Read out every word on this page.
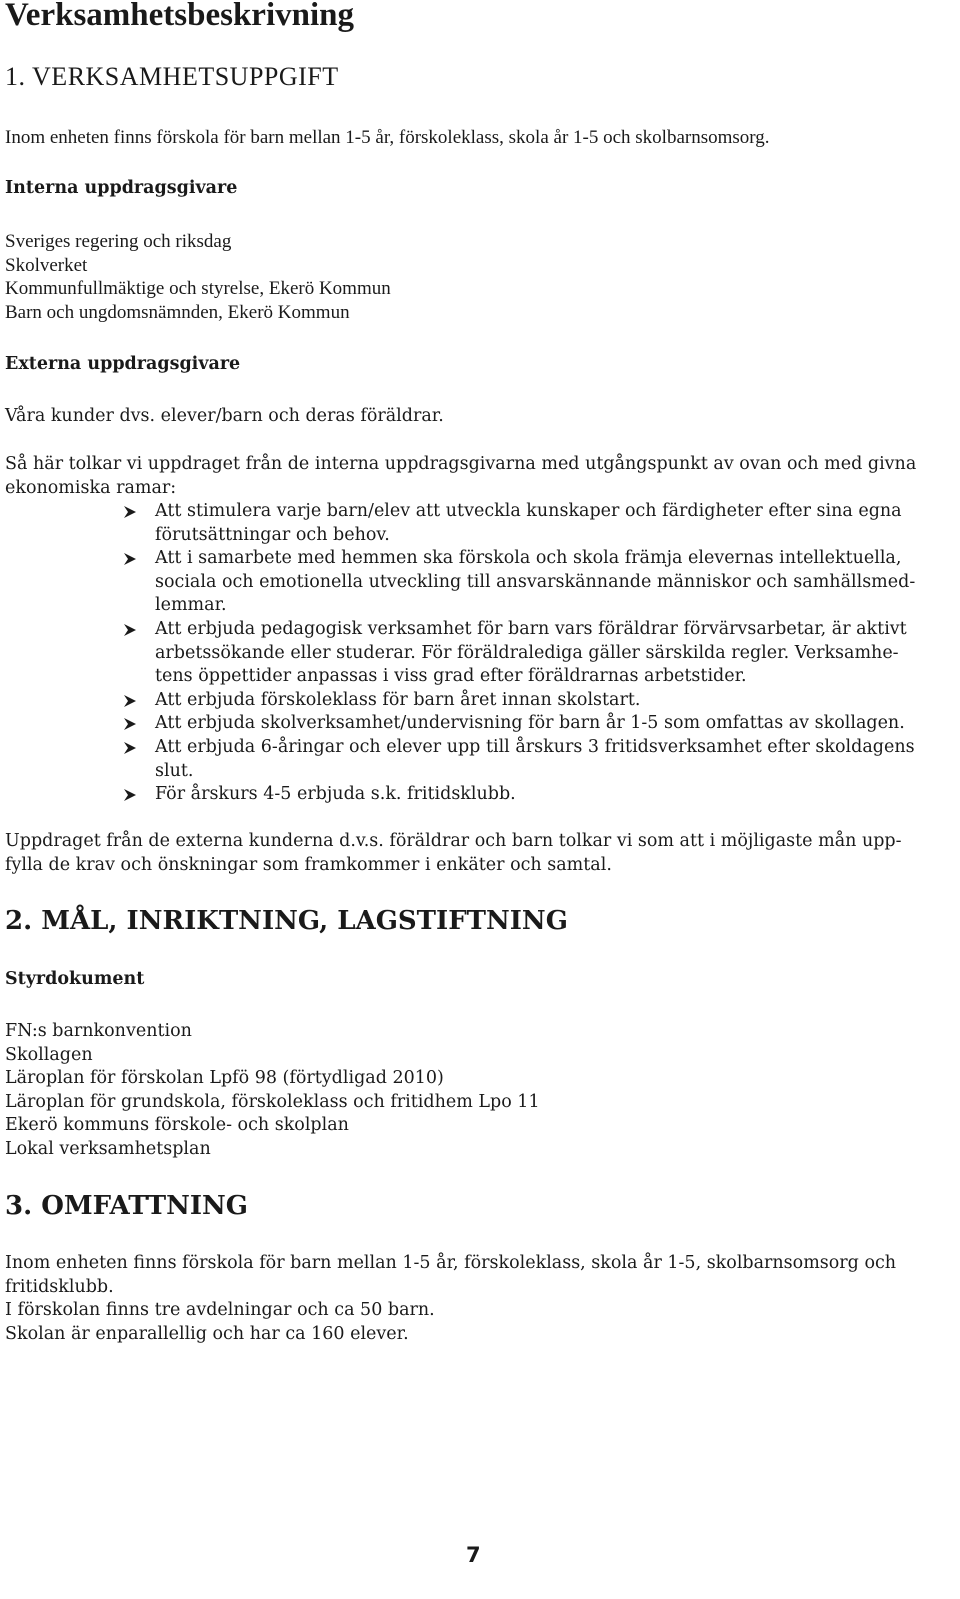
Verksamhetsbeskrivning
1. VERKSAMHETSUPPGIFT

Inom enheten finns förskola för barn mellan 1-5 år, förskoleklass, skola år 1-5 och skolbarnsomsorg.

Interna uppdragsgivare
Sveriges regering och riksdag
Skolverket
Kommunfullmäktige och styrelse, Ekerö Kommun
Barn och ungdomsnämnden, Ekerö Kommun
Externa uppdragsgivare

Våra kunder dvs. elever/barn och deras föräldrar.

Så här tolkar vi uppdraget från de interna uppdragsgivarna med utgångspunkt av ovan och med givna
ekonomiska ramar:
Att stimulera varje barn/elev att utveckla kunskaper och färdigheter efter sina egna
förutsättningar och behov.
Att i samarbete med hemmen ska förskola och skola främja elevernas intellektuella,
sociala och emotionella utveckling till ansvarskännande människor och samhällsmed-
lemmar.
Att erbjuda pedagogisk verksamhet för barn vars föräldrar förvärvsarbetar, är aktivt
arbetssökande eller studerar. För föräldralediga gäller särskilda regler. Verksamhe-
tens öppettider anpassas i viss grad efter föräldrarnas arbetstider.
Att erbjuda förskoleklass för barn året innan skolstart.
Att erbjuda skolverksamhet/undervisning för barn år 1-5 som omfattas av skollagen.
Att erbjuda 6-åringar och elever upp till årskurs 3 fritidsverksamhet efter skoldagens
slut.
För årskurs 4-5 erbjuda s.k. fritidsklubb.
Uppdraget från de externa kunderna d.v.s. föräldrar och barn tolkar vi som att i möjligaste mån upp-
fylla de krav och önskningar som framkommer i enkäter och samtal.
2. MÅL, INRIKTNING, LAGSTIFTNING
Styrdokument
FN:s barnkonvention
Skollagen
Läroplan för förskolan Lpfö 98 (förtydligad 2010)
Läroplan för grundskola, förskoleklass och fritidhem Lpo 11
Ekerö kommuns förskole- och skolplan
Lokal verksamhetsplan
3. OMFATTNING
Inom enheten finns förskola för barn mellan 1-5 år, förskoleklass, skola år 1-5, skolbarnsomsorg och
fritidsklubb.
I förskolan finns tre avdelningar och ca 50 barn.
Skolan är enparallellig och har ca 160 elever.
7
